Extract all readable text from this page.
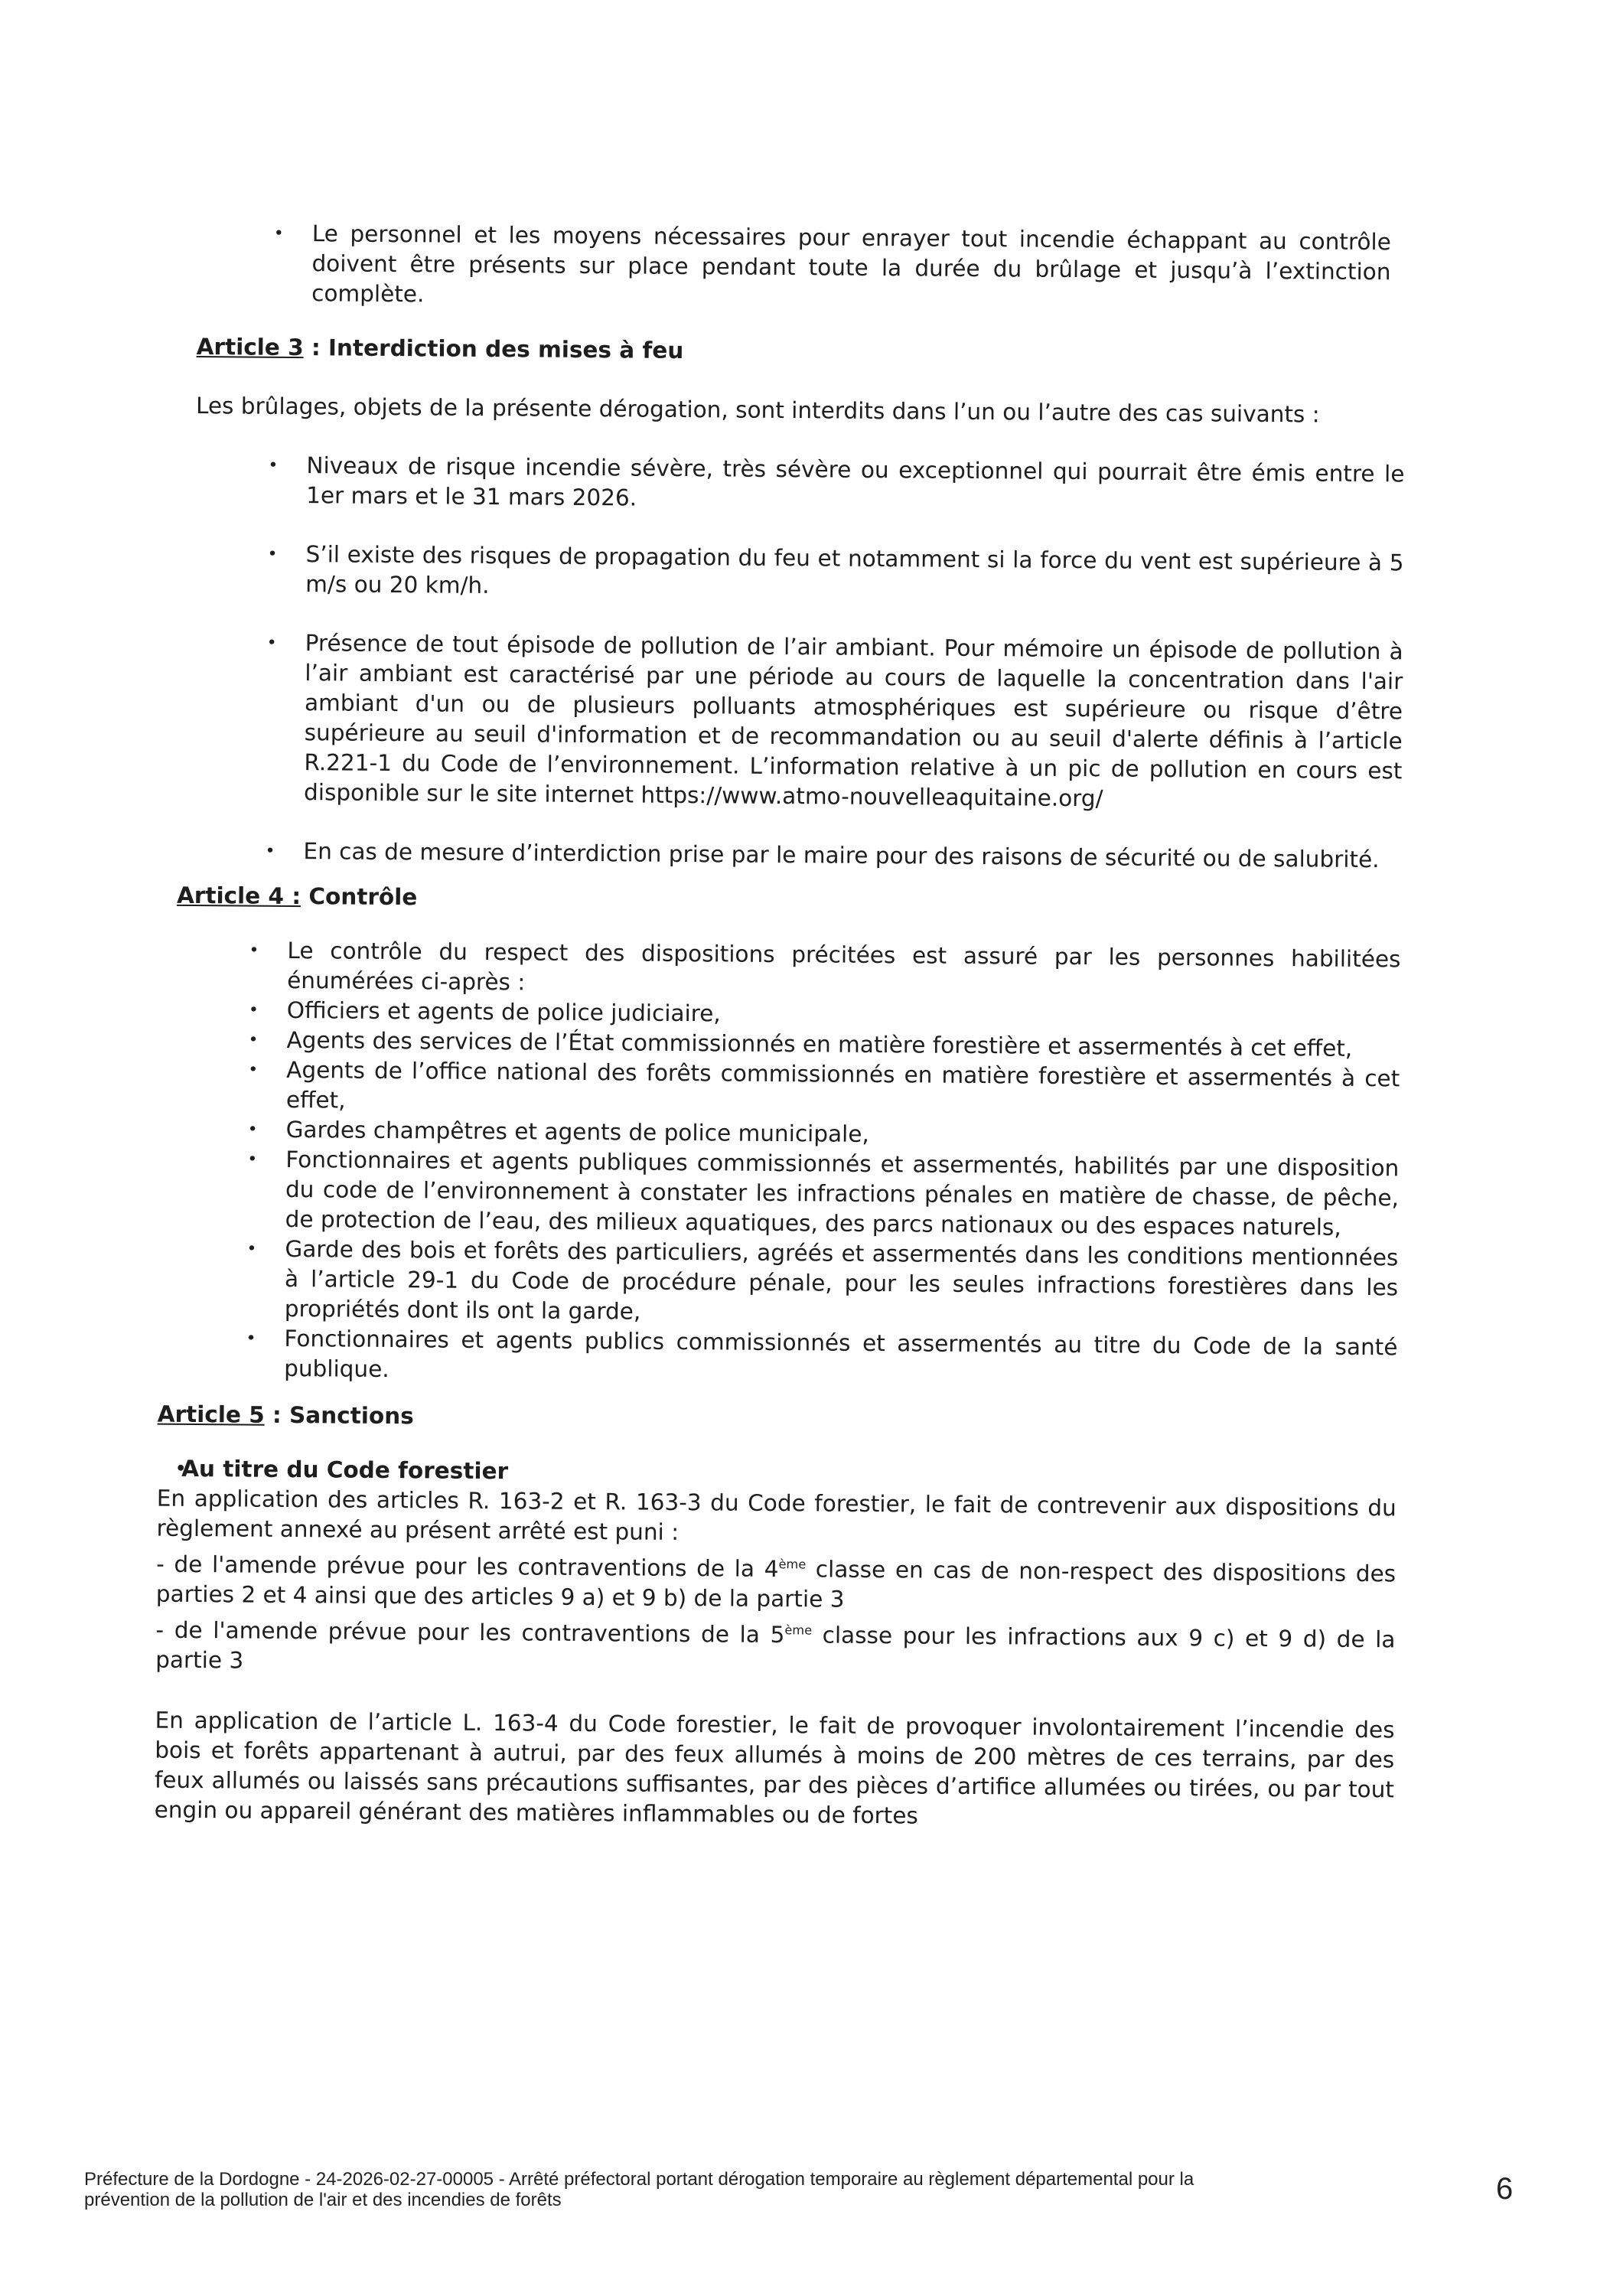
• Le personnel et les moyens nécessaires pour enrayer tout incendie échappant au contrôle doivent être présents sur place pendant toute la durée du brûlage et jusqu’à l’extinction complète.

Article 3 : Interdiction des mises à feu

Les brûlages, objets de la présente dérogation, sont interdits dans l’un ou l’autre des cas suivants :

• Niveaux de risque incendie sévère, très sévère ou exceptionnel qui pourrait être émis entre le 1er mars et le 31 mars 2026.

• S’il existe des risques de propagation du feu et notamment si la force du vent est supérieure à 5 m/s ou 20 km/h.

• Présence de tout épisode de pollution de l’air ambiant. Pour mémoire un épisode de pollution à l’air ambiant est caractérisé par une période au cours de laquelle la concentration dans l'air ambiant d'un ou de plusieurs polluants atmosphériques est supérieure ou risque d’être supérieure au seuil d'information et de recommandation ou au seuil d'alerte définis à l’article R.221-1 du Code de l’environnement. L’information relative à un pic de pollution en cours est disponible sur le site internet https://www.atmo-nouvelleaquitaine.org/

• En cas de mesure d’interdiction prise par le maire pour des raisons de sécurité ou de salubrité.

Article 4 : Contrôle

• Le contrôle du respect des dispositions précitées est assuré par les personnes habilitées énumérées ci-après :

• Officiers et agents de police judiciaire,

• Agents des services de l’État commissionnés en matière forestière et assermentés à cet effet,

• Agents de l’office national des forêts commissionnés en matière forestière et assermentés à cet effet,

• Gardes champêtres et agents de police municipale,

• Fonctionnaires et agents publiques commissionnés et assermentés, habilités par une disposition du code de l’environnement à constater les infractions pénales en matière de chasse, de pêche, de protection de l’eau, des milieux aquatiques, des parcs nationaux ou des espaces naturels,

• Garde des bois et forêts des particuliers, agréés et assermentés dans les conditions mentionnées à l’article 29-1 du Code de procédure pénale, pour les seules infractions forestières dans les propriétés dont ils ont la garde,

• Fonctionnaires et agents publics commissionnés et assermentés au titre du Code de la santé publique.

Article 5 : Sanctions

• Au titre du Code forestier

En application des articles R. 163-2 et R. 163-3 du Code forestier, le fait de contrevenir aux dispositions du règlement annexé au présent arrêté est puni :

- de l'amende prévue pour les contraventions de la 4ème classe en cas de non-respect des dispositions des parties 2 et 4 ainsi que des articles 9 a) et 9 b) de la partie 3

- de l'amende prévue pour les contraventions de la 5ème classe pour les infractions aux 9 c) et 9 d) de la partie 3

En application de l’article L. 163-4 du Code forestier, le fait de provoquer involontairement l’incendie des bois et forêts appartenant à autrui, par des feux allumés à moins de 200 mètres de ces terrains, par des feux allumés ou laissés sans précautions suffisantes, par des pièces d’artifice allumées ou tirées, ou par tout engin ou appareil générant des matières inflammables ou de fortes

Préfecture de la Dordogne - 24-2026-02-27-00005 - Arrêté préfectoral portant dérogation temporaire au règlement départemental pour la
prévention de la pollution de l'air et des incendies de forêts	6
